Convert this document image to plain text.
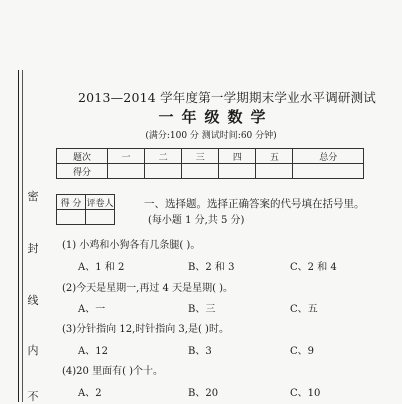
密
封
线
内
不
2013—2014 学年度第一学期期末学业水平调研测试
一年级数学
(满分:100 分 测试时间:60 分钟)
题次	一	二	三	四	五	总分
得分						
得 分	评卷人
		一、选择题。选择正确答案的代号填在括号里。
(每小题 1 分,共 5 分)
(1) 小鸡和小狗各有几条腿( )。
A、1 和 2	B、2 和 3	C、2 和 4
(2)今天是星期一,再过 4 天是星期( )。
A、一	B、三	C、五
(3)分针指向 12,时针指向 3,是( )时。
A、12	B、3	C、9
(4)20 里面有( )个十。
A、2	B、20	C、10
